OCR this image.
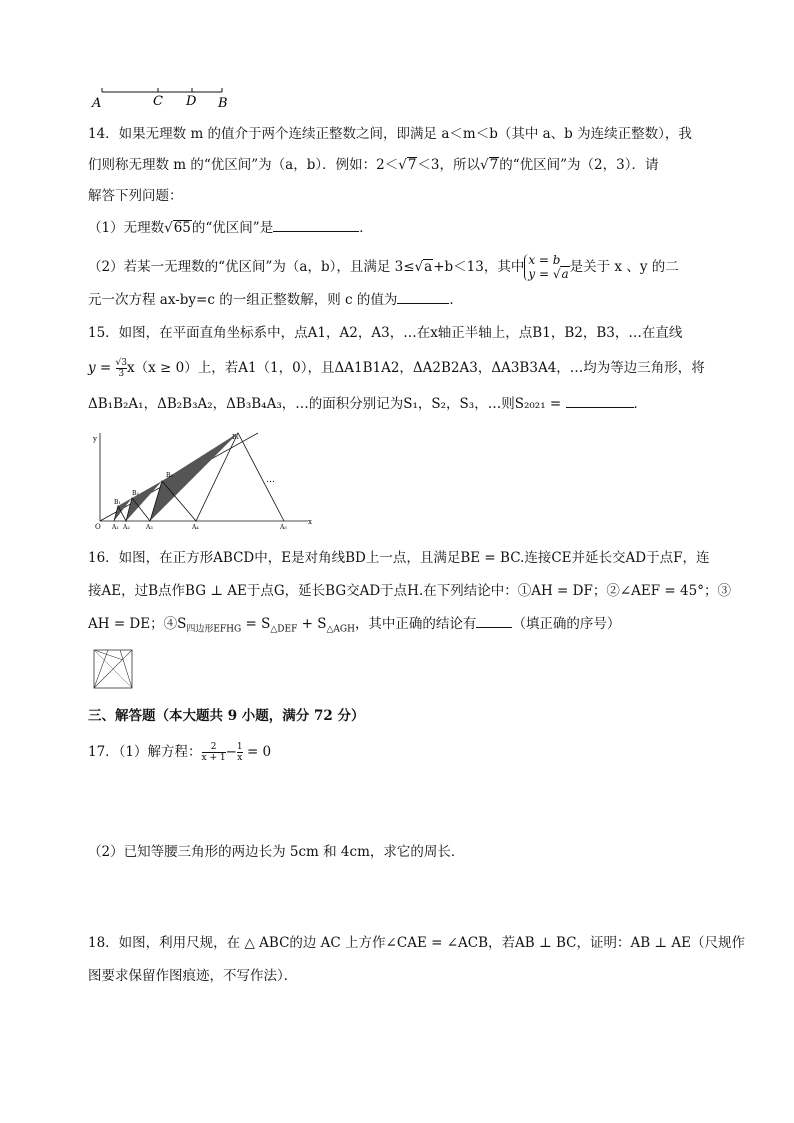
A	C D B
14．如果无理数 m 的值介于两个连续正整数之间，即满足 a＜m＜b（其中 a、b 为连续正整数），我
们则称无理数 m 的“优区间”为（a，b）．例如：2＜√7＜3，所以√7的“优区间”为（2，3）．请
解答下列问题：
（1）无理数√65的“优区间”是	．
（2）若某一无理数的“优区间”为（a，b），且满足 3≤√a+b＜13，其中 x = b
y = √a是关于 x 、y 的二
元一次方程 ax-by=c 的一组正整数解，则 c 的值为	．
15．如图，在平面直角坐标系中，点A1，A2，A3，…在x轴正半轴上，点B1，B2，B3，…在直线
$y = \frac{√3}{3} x(x \ge 0)$上，若A1（1，0），且ΔA1B1A2，ΔA2B2A3，ΔA3B3A4，…均为等边三角形，将
ΔB₁B₂A₁，ΔB₂B₃A₂，ΔB₃B₄A₃，…的面积分别记为S₁，S₂，S₃，…则S₂₀₂₁ =	．
y
x
O A₁ A₂	A₃	A₄	A₅
B₁
B₂
B₃
B₄
…
16．如图，在正方形ABCD中，E是对角线BD上一点，且满足BE = BC.连接CE并延长交AD于点F，连
接AE，过B点作BG ⊥ AE于点G，延长BG交AD于点H.在下列结论中：①AH = DF；②∠AEF = 45°；③
AH = DE；$④S_{四边形EFHG} = S_{\triangle DEF} + S_{\triangle AGH}$，其中正确的结论有	（填正确的序号）
三、解答题（本大题共 9 小题，满分 72 分）
17．（1）解方程： $\frac{2}{x + 1} - \frac{1}{x} = 0$
（2）已知等腰三角形的两边长为 5cm 和 4cm，求它的周长．
18．如图，利用尺规，在 △ ABC的边 AC 上方作∠CAE = ∠ACB，若AB ⊥ BC，证明：AB ⊥ AE（尺规作
图要求保留作图痕迹，不写作法）．
